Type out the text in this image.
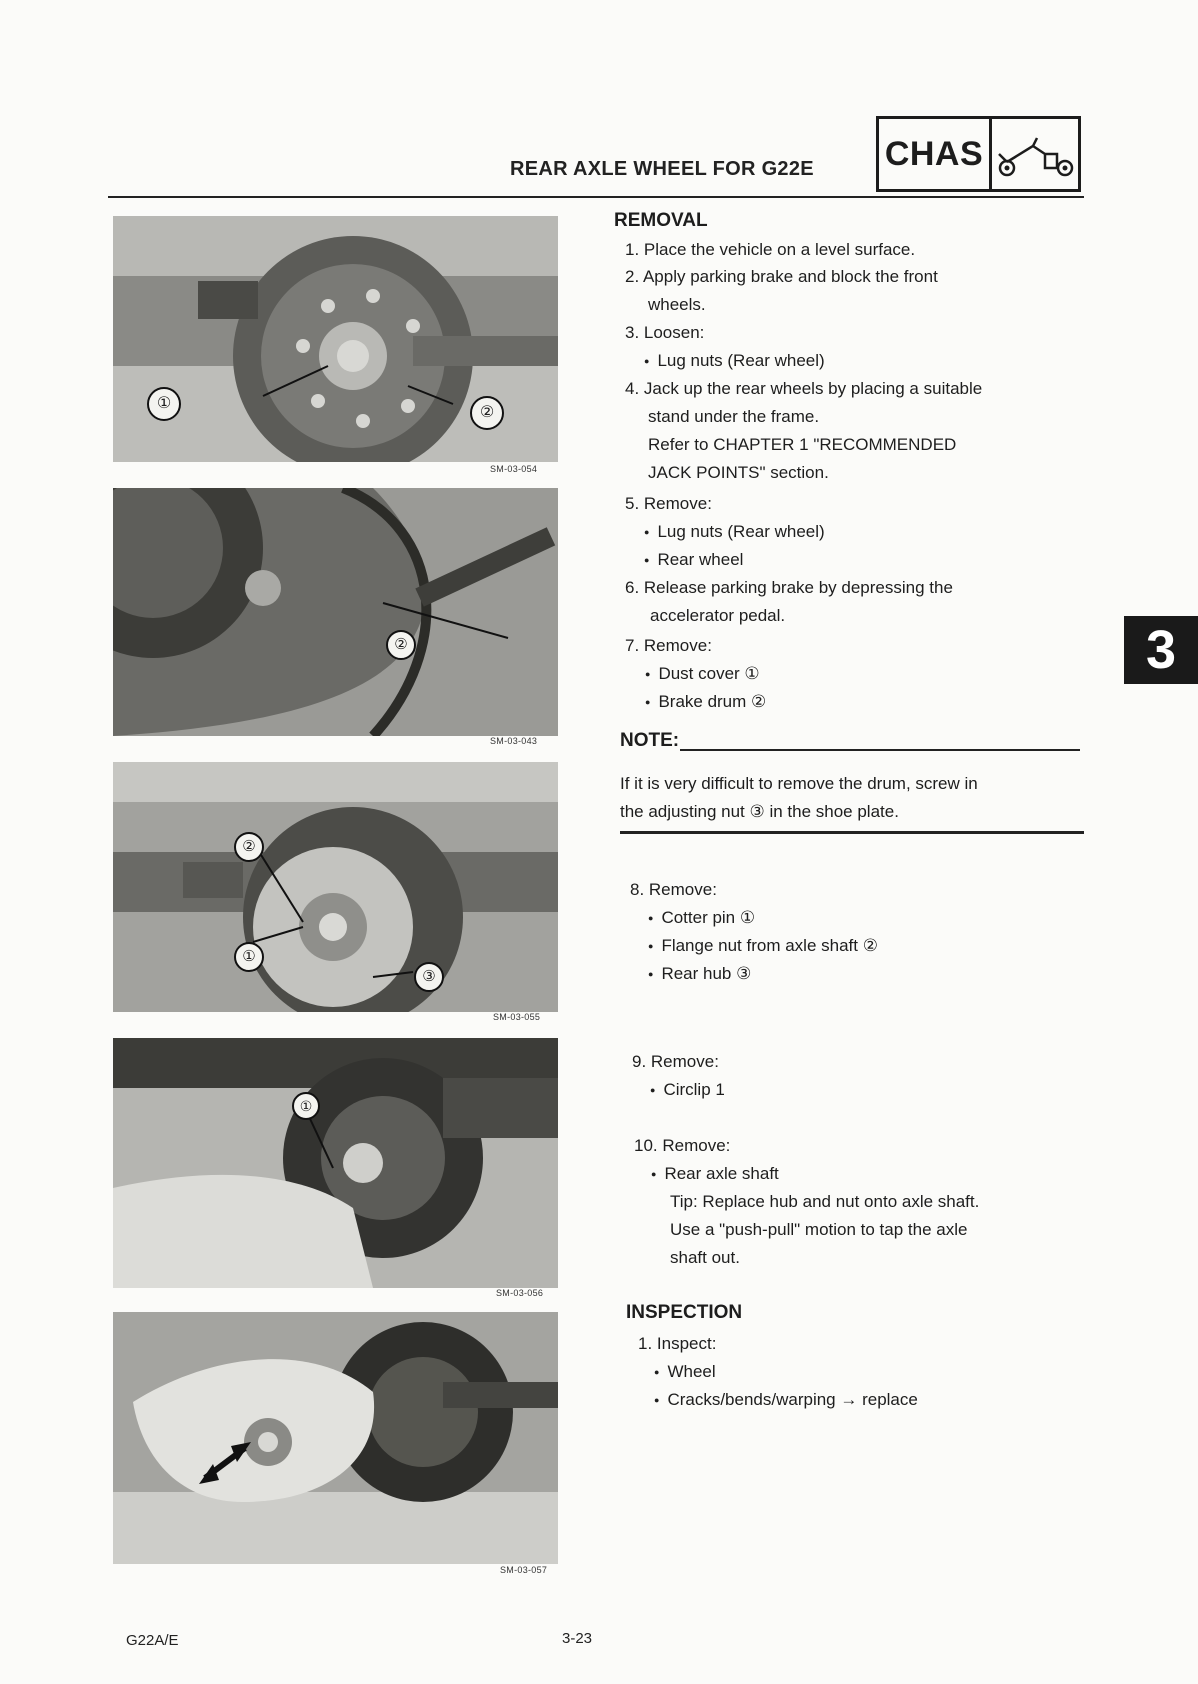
REAR AXLE WHEEL FOR G22E CHAS
①
②
SM-03-054
②
SM-03-043
②
①
③
SM-03-055
①
SM-03-056
SM-03-057
REMOVAL
1. Place the vehicle on a level surface.
2. Apply parking brake and block the front
wheels.
3. Loosen:
● Lug nuts (Rear wheel)
4. Jack up the rear wheels by placing a suitable
stand under the frame.
Refer to CHAPTER 1 "RECOMMENDED
JACK POINTS" section.
5. Remove:
● Lug nuts (Rear wheel)
● Rear wheel
6. Release parking brake by depressing the
accelerator pedal.
7. Remove:
● Dust cover ①
● Brake drum ②
NOTE:
If it is very difficult to remove the drum, screw in
the adjusting nut ③ in the shoe plate.
8. Remove:
● Cotter pin ①
● Flange nut from axle shaft ②
● Rear hub ③
9. Remove:
● Circlip 1
10. Remove:
● Rear axle shaft
Tip: Replace hub and nut onto axle shaft.
Use a "push-pull" motion to tap the axle
shaft out.
INSPECTION
1. Inspect:
● Wheel
● Cracks/bends/warping → replace
3
G22A/E	3-23
